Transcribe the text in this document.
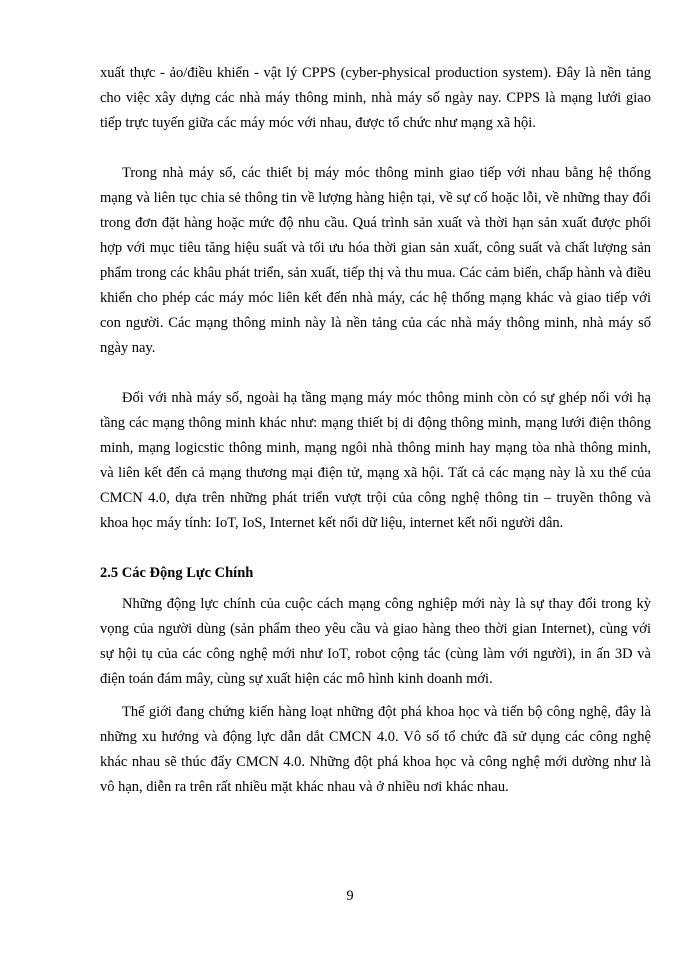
xuất thực - ảo/điều khiển - vật lý CPPS (cyber-physical production system). Đây là nền tảng cho việc xây dựng các nhà máy thông minh, nhà máy số ngày nay. CPPS là mạng lưới giao tiếp trực tuyến giữa các máy móc với nhau, được tổ chức như mạng xã hội.

Trong nhà máy số, các thiết bị máy móc thông minh giao tiếp với nhau bằng hệ thống mạng và liên tục chia sẻ thông tin về lượng hàng hiện tại, về sự cố hoặc lỗi, về những thay đổi trong đơn đặt hàng hoặc mức độ nhu cầu. Quá trình sản xuất và thời hạn sản xuất được phối hợp với mục tiêu tăng hiệu suất và tối ưu hóa thời gian sản xuất, công suất và chất lượng sản phẩm trong các khâu phát triển, sản xuất, tiếp thị và thu mua. Các cảm biến, chấp hành và điều khiển cho phép các máy móc liên kết đến nhà máy, các hệ thống mạng khác và giao tiếp với con người. Các mạng thông minh này là nền tảng của các nhà máy thông minh, nhà máy số ngày nay.

Đối với nhà máy số, ngoài hạ tầng mạng máy móc thông minh còn có sự ghép nối với hạ tầng các mạng thông minh khác như: mạng thiết bị di động thông minh, mạng lưới điện thông minh, mạng logicstic thông minh, mạng ngôi nhà thông minh hay mạng tòa nhà thông minh, và liên kết đến cả mạng thương mại điện tử, mạng xã hội. Tất cả các mạng này là xu thế của CMCN 4.0, dựa trên những phát triển vượt trội của công nghệ thông tin – truyền thông và khoa học máy tính: IoT, IoS, Internet kết nối dữ liệu, internet kết nối người dân.

2.5 Các Động Lực Chính

Những động lực chính của cuộc cách mạng công nghiệp mới này là sự thay đổi trong kỳ vọng của người dùng (sản phẩm theo yêu cầu và giao hàng theo thời gian Internet), cùng với sự hội tụ của các công nghệ mới như IoT, robot cộng tác (cùng làm với người), in ấn 3D và điện toán đám mây, cùng sự xuất hiện các mô hình kinh doanh mới.

Thế giới đang chứng kiến hàng loạt những đột phá khoa học và tiến bộ công nghệ, đây là những xu hướng và động lực dẫn dắt CMCN 4.0. Vô số tổ chức đã sử dụng các công nghệ khác nhau sẽ thúc đẩy CMCN 4.0. Những đột phá khoa học và công nghệ mới dường như là vô hạn, diễn ra trên rất nhiều mặt khác nhau và ở nhiều nơi khác nhau.

9
